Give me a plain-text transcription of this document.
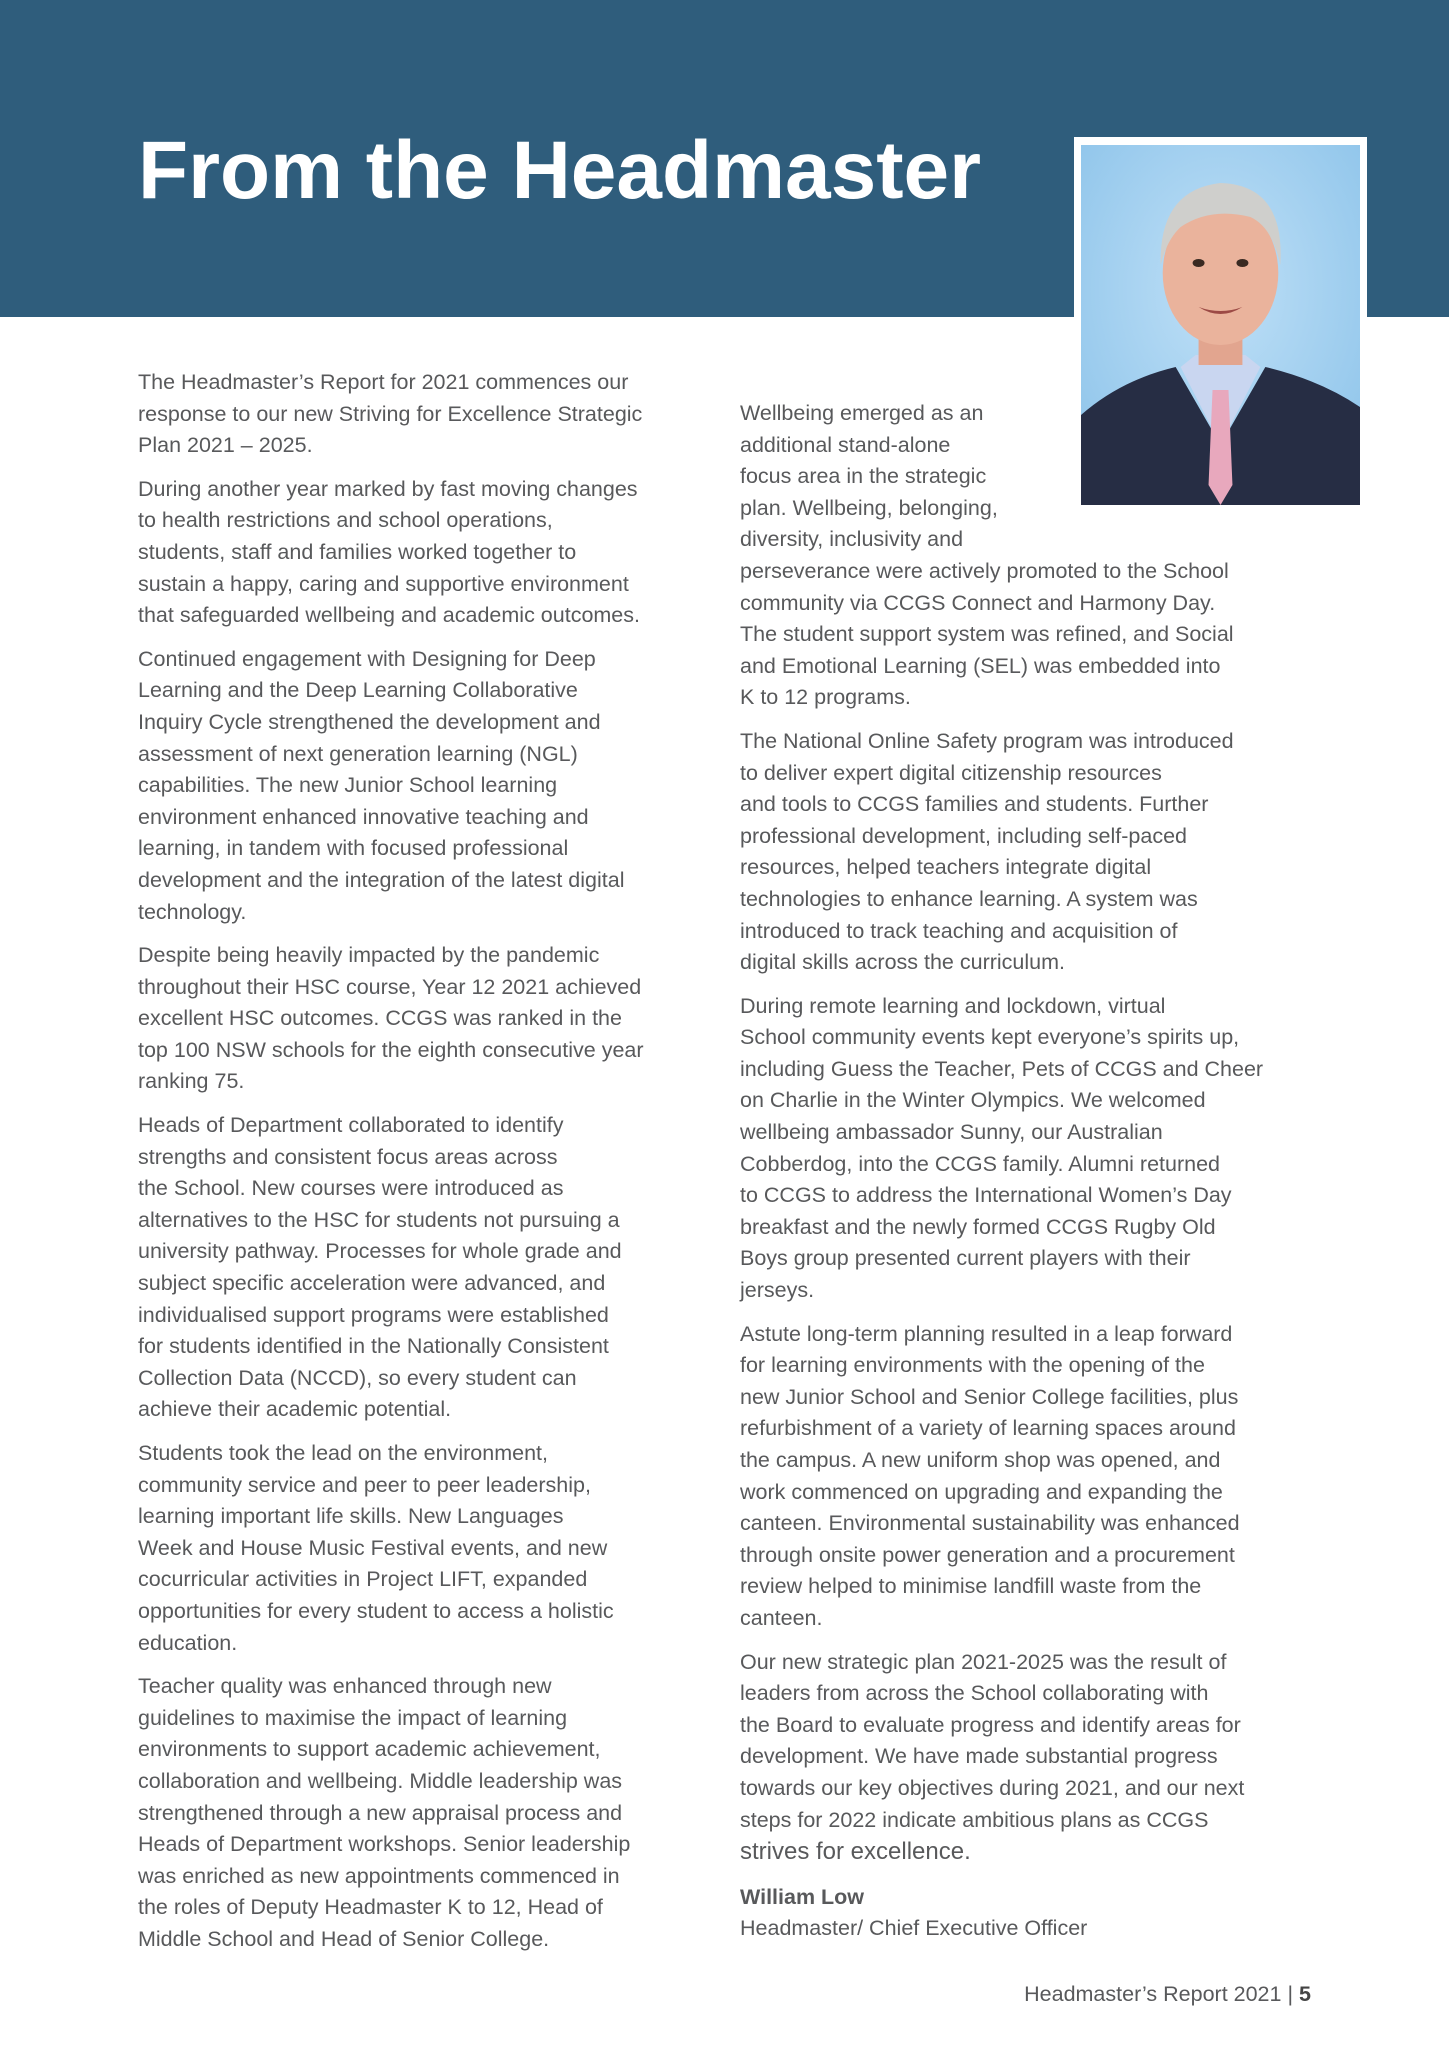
From the Headmaster
The Headmaster’s Report for 2021 commences our
response to our new Striving for Excellence Strategic
Plan 2021 – 2025.
During another year marked by fast moving changes
to health restrictions and school operations,
students, staff and families worked together to
sustain a happy, caring and supportive environment
that safeguarded wellbeing and academic outcomes.
Continued engagement with Designing for Deep
Learning and the Deep Learning Collaborative
Inquiry Cycle strengthened the development and
assessment of next generation learning (NGL)
capabilities. The new Junior School learning
environment enhanced innovative teaching and
learning, in tandem with focused professional
development and the integration of the latest digital
technology.
Despite being heavily impacted by the pandemic
throughout their HSC course, Year 12 2021 achieved
excellent HSC outcomes. CCGS was ranked in the
top 100 NSW schools for the eighth consecutive year
ranking 75.
Heads of Department collaborated to identify
strengths and consistent focus areas across
the School. New courses were introduced as
alternatives to the HSC for students not pursuing a
university pathway. Processes for whole grade and
subject specific acceleration were advanced, and
individualised support programs were established
for students identified in the Nationally Consistent
Collection Data (NCCD), so every student can
achieve their academic potential.
Students took the lead on the environment,
community service and peer to peer leadership,
learning important life skills. New Languages
Week and House Music Festival events, and new
cocurricular activities in Project LIFT, expanded
opportunities for every student to access a holistic
education.
Teacher quality was enhanced through new
guidelines to maximise the impact of learning
environments to support academic achievement,
collaboration and wellbeing. Middle leadership was
strengthened through a new appraisal process and
Heads of Department workshops. Senior leadership
was enriched as new appointments commenced in
the roles of Deputy Headmaster K to 12, Head of
Middle School and Head of Senior College.
Wellbeing emerged as an
additional stand-alone
focus area in the strategic
plan. Wellbeing, belonging,
diversity, inclusivity and
perseverance were actively promoted to the School
community via CCGS Connect and Harmony Day.
The student support system was refined, and Social
and Emotional Learning (SEL) was embedded into
K to 12 programs.
The National Online Safety program was introduced
to deliver expert digital citizenship resources
and tools to CCGS families and students. Further
professional development, including self-paced
resources, helped teachers integrate digital
technologies to enhance learning. A system was
introduced to track teaching and acquisition of
digital skills across the curriculum.
During remote learning and lockdown, virtual
School community events kept everyone’s spirits up,
including Guess the Teacher, Pets of CCGS and Cheer
on Charlie in the Winter Olympics. We welcomed
wellbeing ambassador Sunny, our Australian
Cobberdog, into the CCGS family. Alumni returned
to CCGS to address the International Women’s Day
breakfast and the newly formed CCGS Rugby Old
Boys group presented current players with their
jerseys.
Astute long-term planning resulted in a leap forward
for learning environments with the opening of the
new Junior School and Senior College facilities, plus
refurbishment of a variety of learning spaces around
the campus. A new uniform shop was opened, and
work commenced on upgrading and expanding the
canteen. Environmental sustainability was enhanced
through onsite power generation and a procurement
review helped to minimise landfill waste from the
canteen.
Our new strategic plan 2021-2025 was the result of
leaders from across the School collaborating with
the Board to evaluate progress and identify areas for
development. We have made substantial progress
towards our key objectives during 2021, and our next
steps for 2022 indicate ambitious plans as CCGS
strives for excellence.
William Low
Headmaster/ Chief Executive Officer
Headmaster’s Report 2021 | 5
